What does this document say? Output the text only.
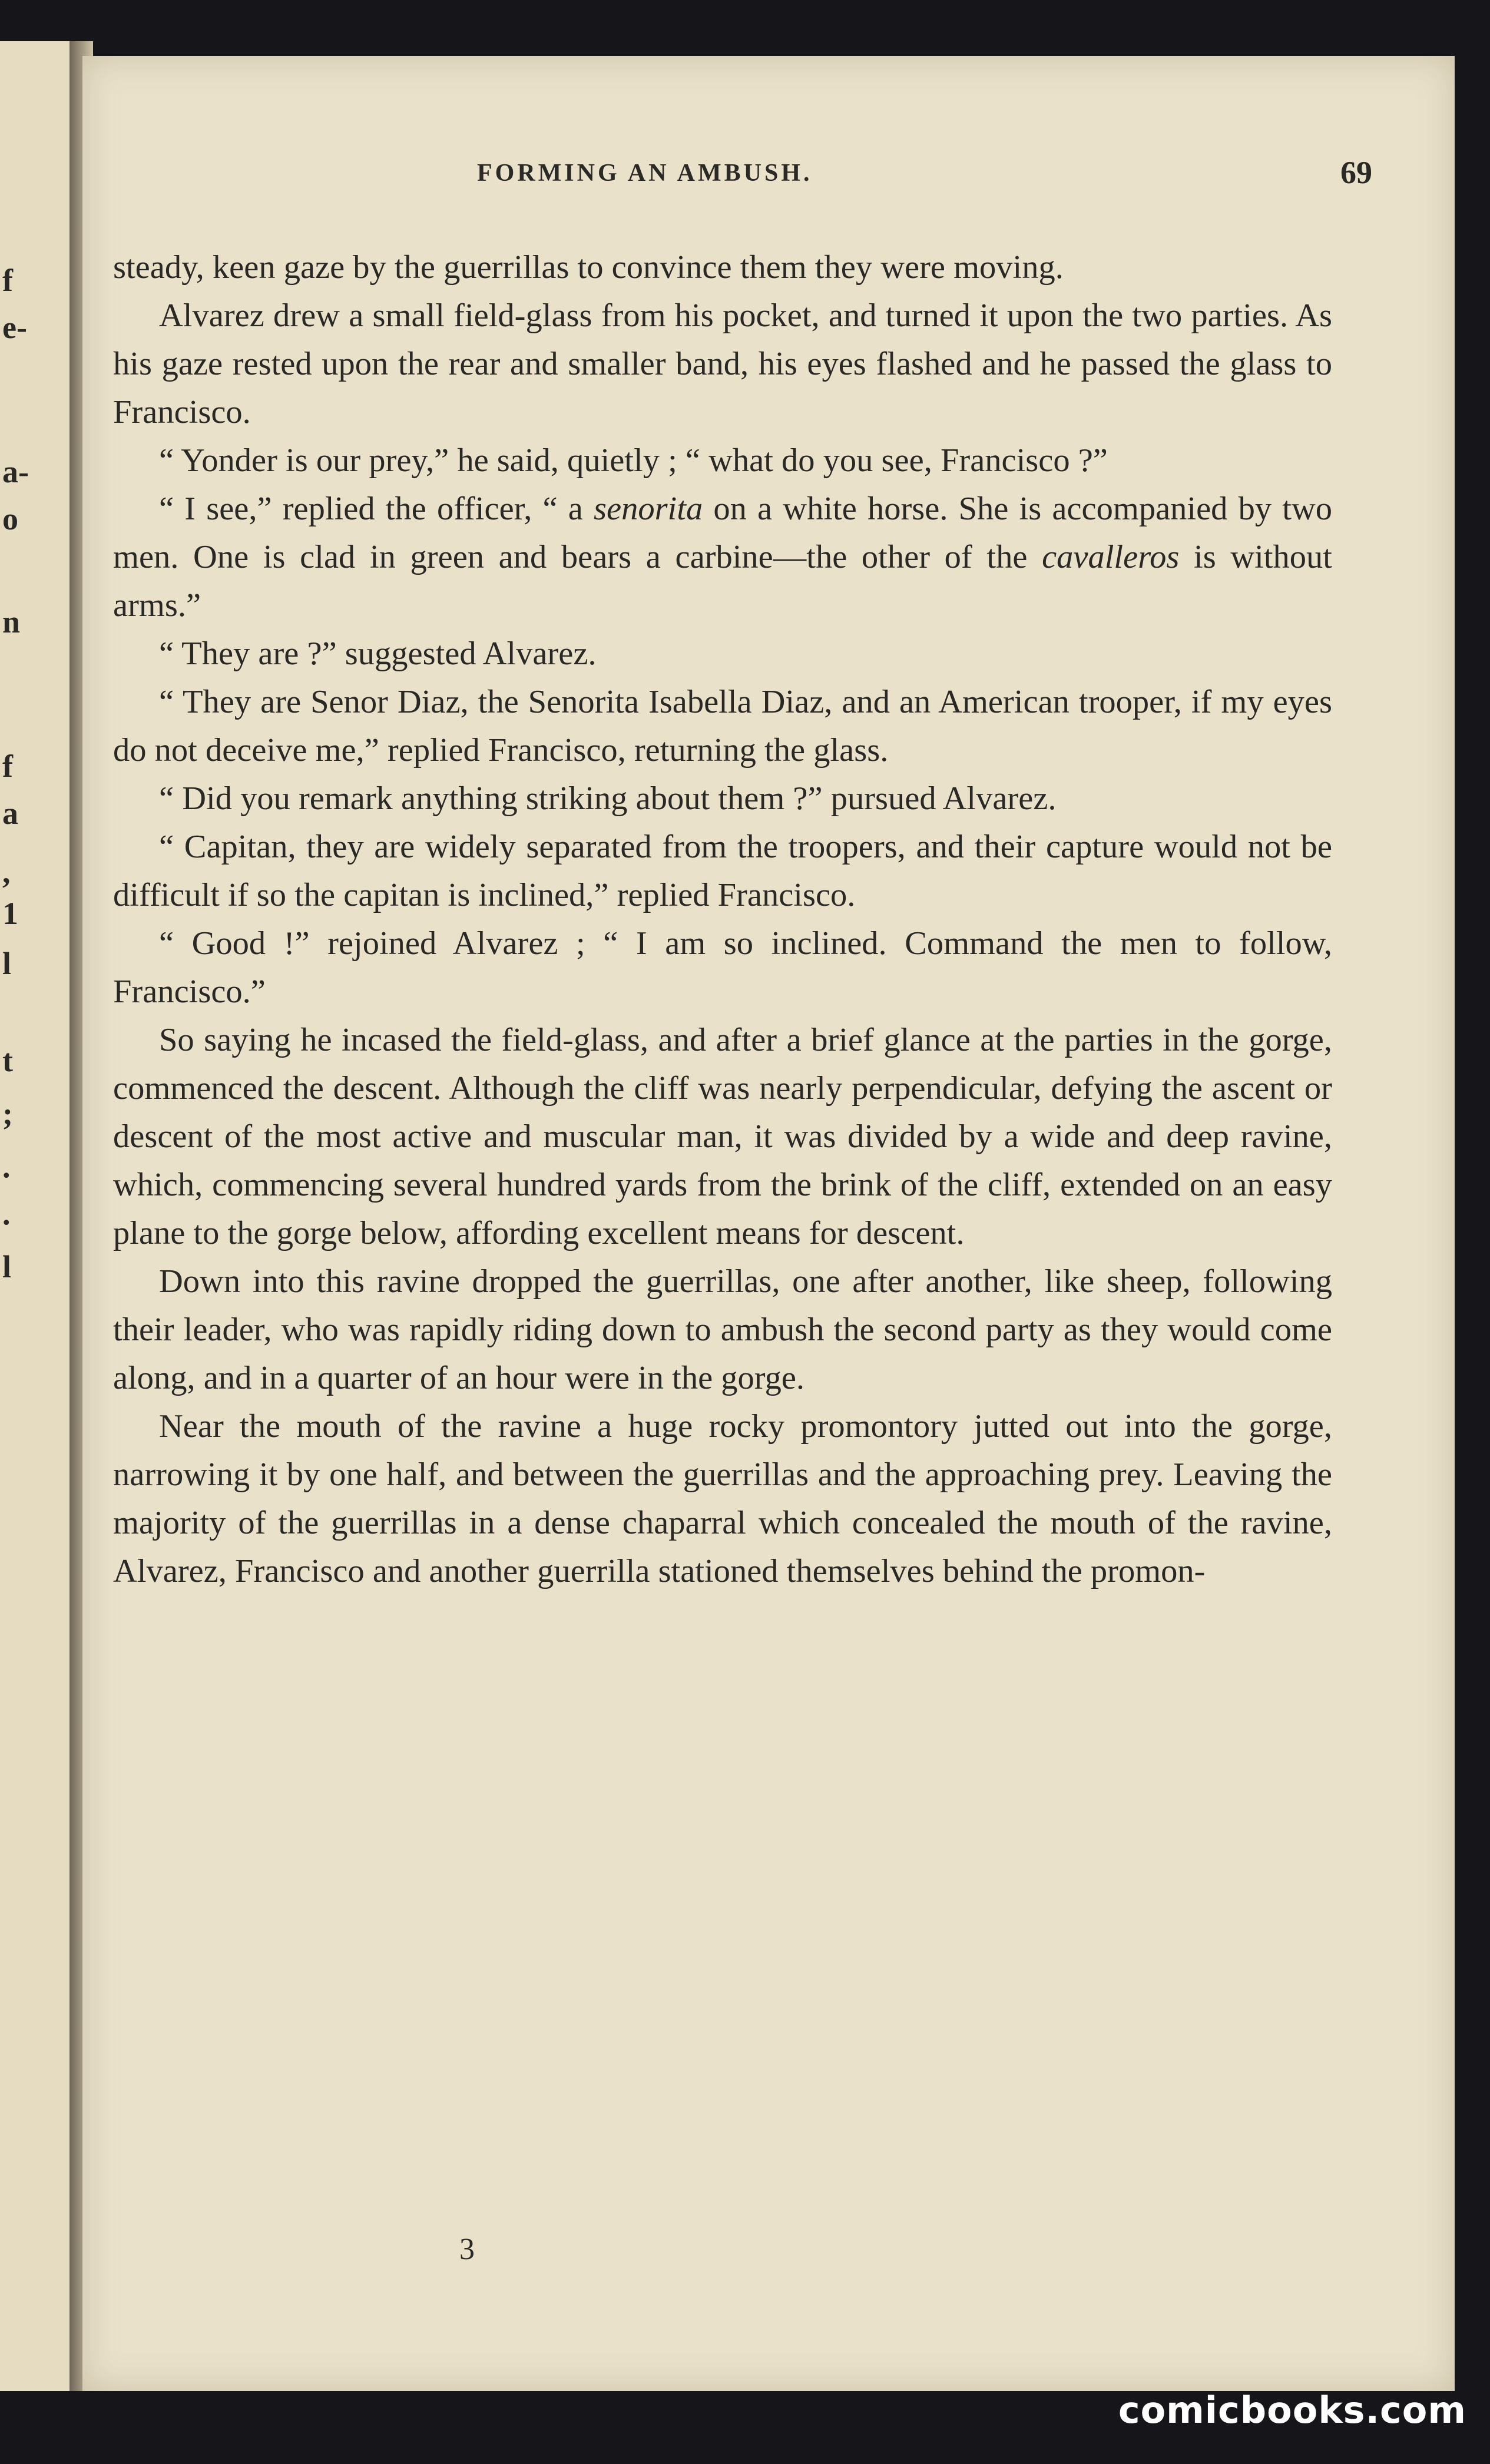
f
e-
a-
o
n
f
a
,
1
l
t
;
.
.
l
FORMING AN AMBUSH.	69

steady, keen gaze by the guerrillas to convince them they were moving.

Alvarez drew a small field-glass from his pocket, and turned it upon the two parties. As his gaze rested upon the rear and smaller band, his eyes flashed and he passed the glass to Francisco.

“ Yonder is our prey,” he said, quietly ; “ what do you see, Francisco ?”

“ I see,” replied the officer, “ a senorita on a white horse. She is accompanied by two men. One is clad in green and bears a carbine—the other of the cavalleros is without arms.”

“ They are ?” suggested Alvarez.

“ They are Senor Diaz, the Senorita Isabella Diaz, and an American trooper, if my eyes do not deceive me,” replied Francisco, returning the glass.

“ Did you remark anything striking about them ?” pursued Alvarez.

“ Capitan, they are widely separated from the troopers, and their capture would not be difficult if so the capitan is inclined,” replied Francisco.

“ Good !” rejoined Alvarez ; “ I am so inclined. Command the men to follow, Francisco.”

So saying he incased the field-glass, and after a brief glance at the parties in the gorge, commenced the descent. Although the cliff was nearly perpendicular, defying the ascent or descent of the most active and muscular man, it was divided by a wide and deep ravine, which, commencing several hundred yards from the brink of the cliff, extended on an easy plane to the gorge below, affording excellent means for descent.

Down into this ravine dropped the guerrillas, one after another, like sheep, following their leader, who was rapidly riding down to ambush the second party as they would come along, and in a quarter of an hour were in the gorge.

Near the mouth of the ravine a huge rocky promontory jutted out into the gorge, narrowing it by one half, and between the guerrillas and the approaching prey. Leaving the majority of the guerrillas in a dense chaparral which concealed the mouth of the ravine, Alvarez, Francisco and another guerrilla stationed themselves behind the promon-

3
comicbooks.com
